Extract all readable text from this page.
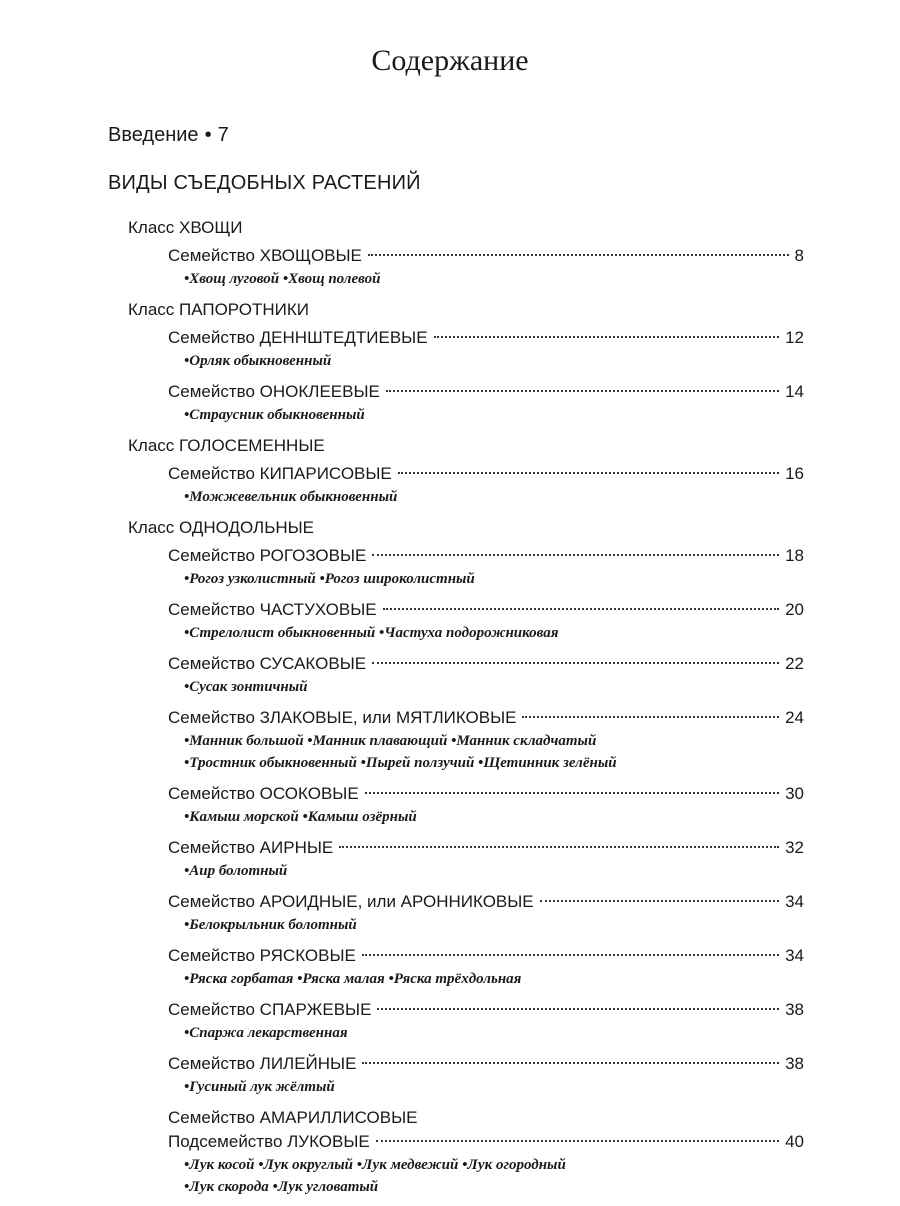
Содержание
Введение • 7
ВИДЫ СЪЕДОБНЫХ РАСТЕНИЙ
Класс ХВОЩИ
Семейство ХВОЩОВЫЕ	8
• Хвощ луговой • Хвощ полевой
Класс ПАПОРОТНИКИ
Семейство ДЕННШТЕДТИЕВЫЕ	12
• Орляк обыкновенный
Семейство ОНОКЛЕЕВЫЕ	14
• Страусник обыкновенный
Класс ГОЛОСЕМЕННЫЕ
Семейство КИПАРИСОВЫЕ	16
• Можжевельник обыкновенный
Класс ОДНОДОЛЬНЫЕ
Семейство РОГОЗОВЫЕ	18
• Рогоз узколистный • Рогоз широколистный
Семейство ЧАСТУХОВЫЕ	20
• Стрелолист обыкновенный • Частуха подорожниковая
Семейство СУСАКОВЫЕ	22
• Сусак зонтичный
Семейство ЗЛАКОВЫЕ, или МЯТЛИКОВЫЕ	24
• Манник большой • Манник плавающий • Манник складчатый
• Тростник обыкновенный • Пырей ползучий • Щетинник зелёный
Семейство ОСОКОВЫЕ	30
• Камыш морской • Камыш озёрный
Семейство АИРНЫЕ	32
• Аир болотный
Семейство АРОИДНЫЕ, или АРОННИКОВЫЕ	34
• Белокрыльник болотный
Семейство РЯСКОВЫЕ	34
• Ряска горбатая • Ряска малая • Ряска трёхдольная
Семейство СПАРЖЕВЫЕ	38
• Спаржа лекарственная
Семейство ЛИЛЕЙНЫЕ	38
• Гусиный лук жёлтый
Семейство АМАРИЛЛИСОВЫЕ
Подсемейство ЛУКОВЫЕ	40
• Лук косой • Лук округлый • Лук медвежий • Лук огородный
• Лук скорода • Лук угловатый
